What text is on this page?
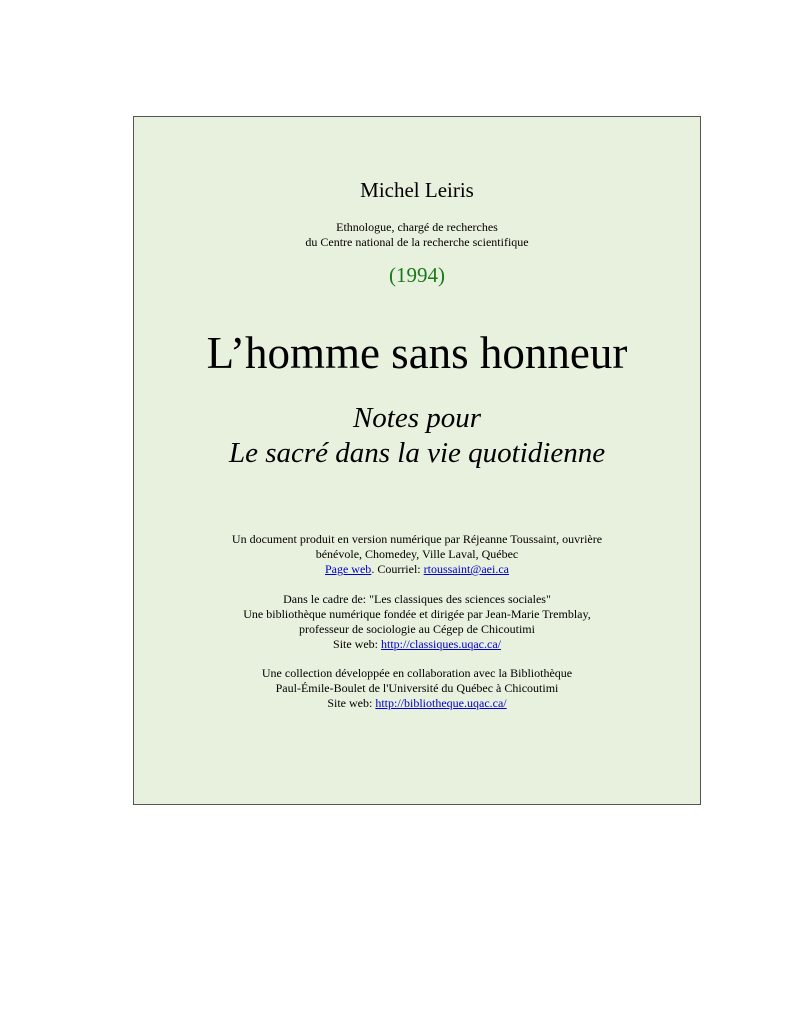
Michel Leiris
Ethnologue, chargé de recherches
du Centre national de la recherche scientifique
(1994)
L’homme sans honneur
Notes pour
Le sacré dans la vie quotidienne
Un document produit en version numérique par Réjeanne Toussaint, ouvrière
bénévole, Chomedey, Ville Laval, Québec
Page web. Courriel: rtoussaint@aei.ca
Dans le cadre de: "Les classiques des sciences sociales"
Une bibliothèque numérique fondée et dirigée par Jean-Marie Tremblay,
professeur de sociologie au Cégep de Chicoutimi
Site web: http://classiques.uqac.ca/
Une collection développée en collaboration avec la Bibliothèque
Paul-Émile-Boulet de l'Université du Québec à Chicoutimi
Site web: http://bibliotheque.uqac.ca/
